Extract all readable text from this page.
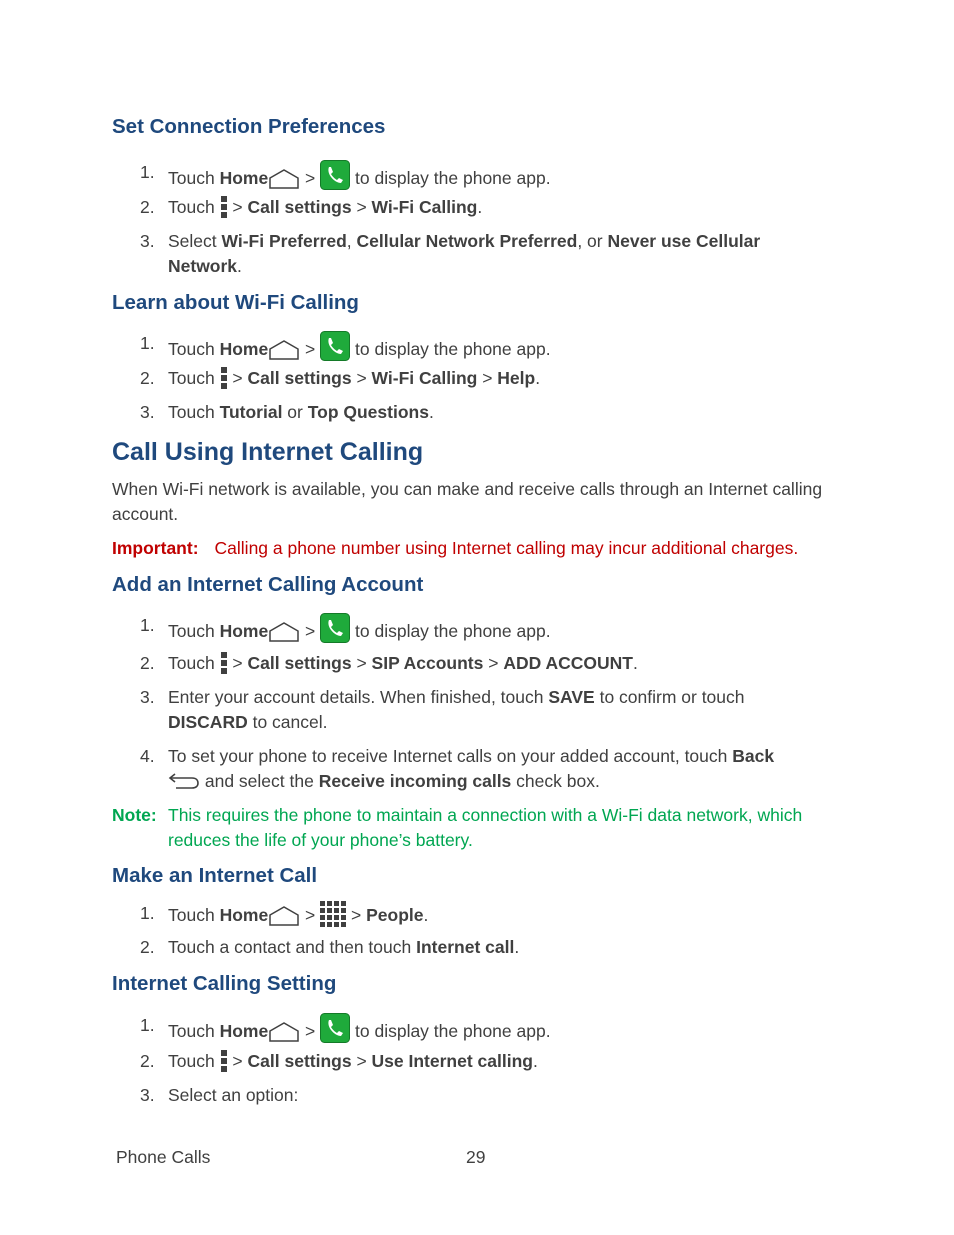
Set Connection Preferences
1. Touch Home >  to display the phone app.
2. Touch  > Call settings > Wi-Fi Calling.
3. Select Wi-Fi Preferred, Cellular Network Preferred, or Never use Cellular Network.
Learn about Wi-Fi Calling
1. Touch Home >  to display the phone app.
2. Touch  > Call settings > Wi-Fi Calling > Help.
3. Touch Tutorial or Top Questions.
Call Using Internet Calling

When Wi-Fi network is available, you can make and receive calls through an Internet calling account.

Important: Calling a phone number using Internet calling may incur additional charges.
Add an Internet Calling Account
1. Touch Home >  to display the phone app.
2. Touch  > Call settings > SIP Accounts > ADD ACCOUNT.
3. Enter your account details. When finished, touch SAVE to confirm or touch DISCARD to cancel.
4. To set your phone to receive Internet calls on your added account, touch Back
and select the Receive incoming calls check box.
Note: This requires the phone to maintain a connection with a Wi-Fi data network, which reduces the life of your phone’s battery.
Make an Internet Call
1. Touch Home >  > People.
2. Touch a contact and then touch Internet call.
Internet Calling Setting
1. Touch Home >  to display the phone app.
2. Touch  > Call settings > Use Internet calling.
3. Select an option:
Phone Calls	29
